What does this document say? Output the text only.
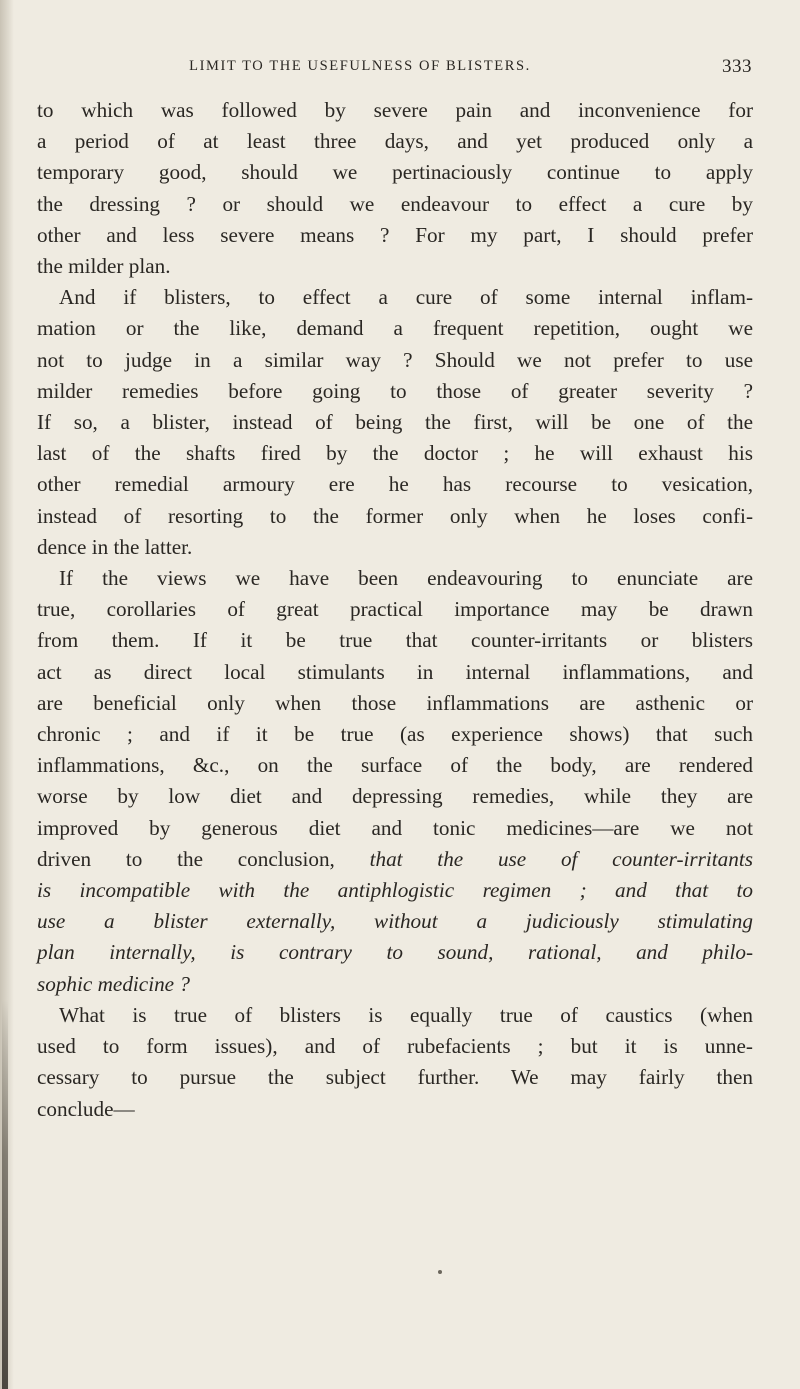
LIMIT TO THE USEFULNESS OF BLISTERS.	333
to which was followed by severe pain and inconvenience for
a period of at least three days, and yet produced only a
temporary good, should we pertinaciously continue to apply
the dressing ? or should we endeavour to effect a cure by
other and less severe means ? For my part, I should prefer
the milder plan.
And if blisters, to effect a cure of some internal inflam-
mation or the like, demand a frequent repetition, ought we
not to judge in a similar way ? Should we not prefer to use
milder remedies before going to those of greater severity ?
If so, a blister, instead of being the first, will be one of the
last of the shafts fired by the doctor ; he will exhaust his
other remedial armoury ere he has recourse to vesication,
instead of resorting to the former only when he loses confi-
dence in the latter.
If the views we have been endeavouring to enunciate are
true, corollaries of great practical importance may be drawn
from them. If it be true that counter-irritants or blisters
act as direct local stimulants in internal inflammations, and
are beneficial only when those inflammations are asthenic or
chronic ; and if it be true (as experience shows) that such
inflammations, &c., on the surface of the body, are rendered
worse by low diet and depressing remedies, while they are
improved by generous diet and tonic medicines—are we not
driven to the conclusion, that the use of counter-irritants
is incompatible with the antiphlogistic regimen ; and that to
use a blister externally, without a judiciously stimulating
plan internally, is contrary to sound, rational, and philo-
sophic medicine ?
What is true of blisters is equally true of caustics (when
used to form issues), and of rubefacients ; but it is unne-
cessary to pursue the subject further. We may fairly then
conclude—
